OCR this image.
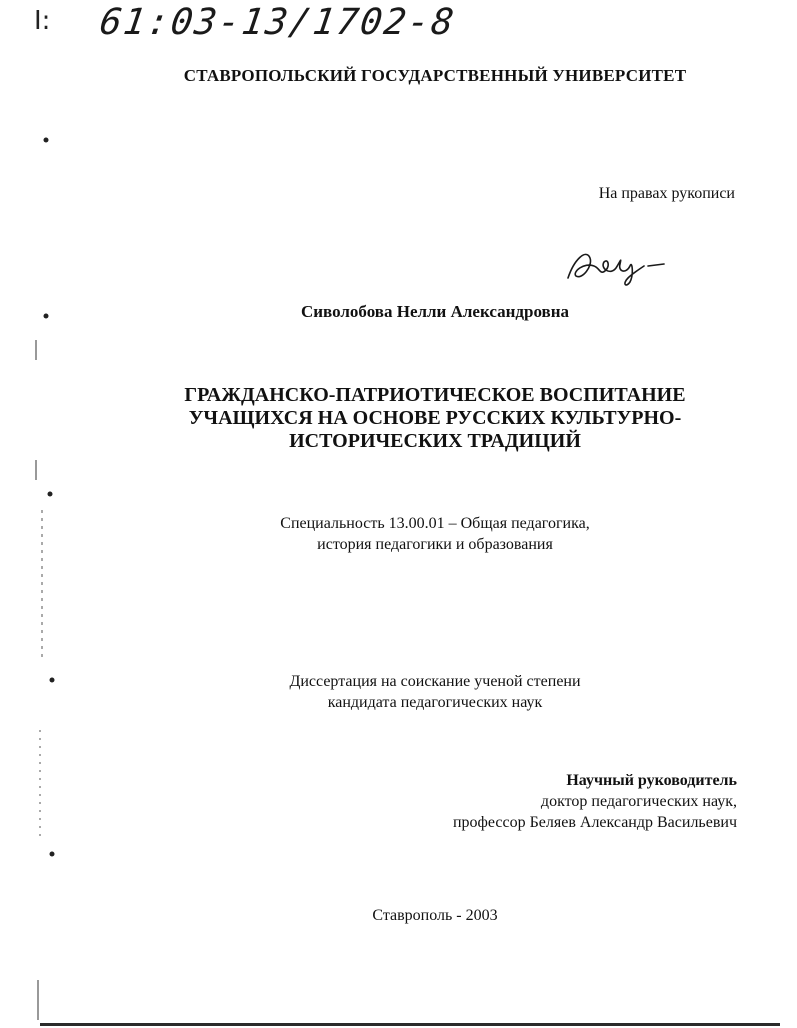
I: 61:03-13/1702-8
СТАВРОПОЛЬСКИЙ ГОСУДАРСТВЕННЫЙ УНИВЕРСИТЕТ
На правах рукописи
Сиволобова Нелли Александровна
ГРАЖДАНСКО-ПАТРИОТИЧЕСКОЕ ВОСПИТАНИЕ
УЧАЩИХСЯ НА ОСНОВЕ РУССКИХ КУЛЬТУРНО-
ИСТОРИЧЕСКИХ ТРАДИЦИЙ
Специальность 13.00.01 – Общая педагогика,
история педагогики и образования
Диссертация на соискание ученой степени
кандидата педагогических наук
Научный руководитель
доктор педагогических наук,
профессор Беляев Александр Васильевич
Ставрополь - 2003
